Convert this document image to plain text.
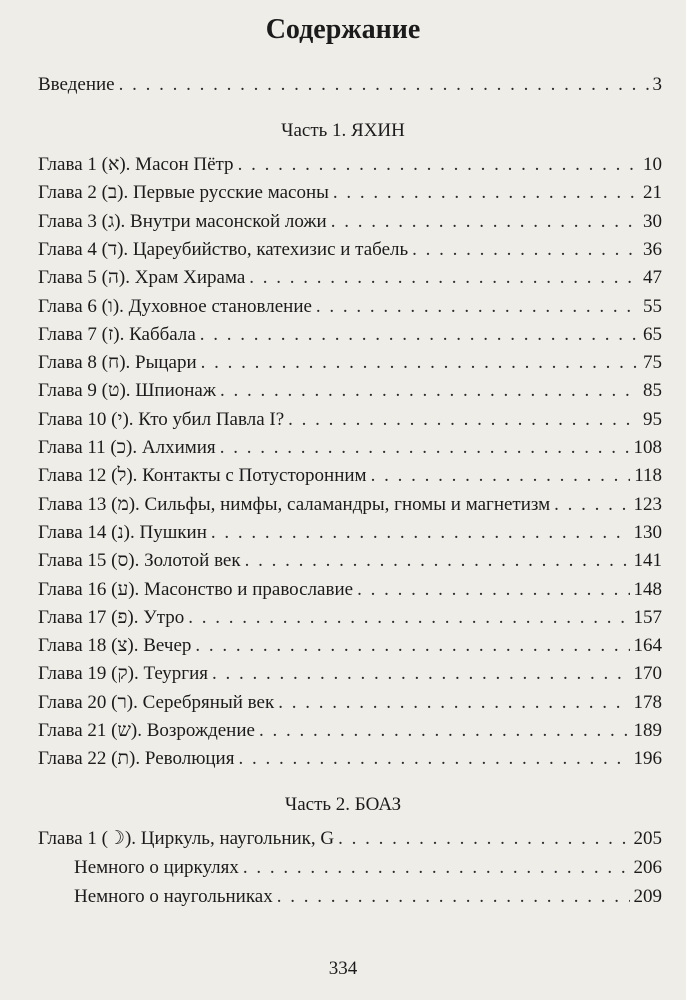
Содержание
Введение . . .	3
Часть 1. ЯХИН
Глава 1 (א). Масон Пётр . . .	10
Глава 2 (ב). Первые русские масоны . . .	21
Глава 3 (ג). Внутри масонской ложи . . .	30
Глава 4 (ד). Цареубийство, катехизис и табель . . .	36
Глава 5 (ה). Храм Хирама . . .	47
Глава 6 (ו). Духовное становление . . .	55
Глава 7 (ז). Каббала . . .	65
Глава 8 (ח). Рыцари . . .	75
Глава 9 (ט). Шпионаж . . .	85
Глава 10 (י). Кто убил Павла I? . . .	95
Глава 11 (כ). Алхимия . . .	108
Глава 12 (ל). Контакты с Потусторонним . . .	118
Глава 13 (מ). Сильфы, нимфы, саламандры, гномы и магнетизм . . .	123
Глава 14 (נ). Пушкин . . .	130
Глава 15 (ס). Золотой век . . .	141
Глава 16 (ע). Масонство и православие . . .	148
Глава 17 (פ). Утро . . .	157
Глава 18 (צ). Вечер . . .	164
Глава 19 (ק). Теургия . . .	170
Глава 20 (ר). Серебряный век . . .	178
Глава 21 (ש). Возрождение . . .	189
Глава 22 (ת). Революция . . .	196
Часть 2. БОАЗ
Глава 1 (☽). Циркуль, наугольник, G . . .	205
Немного о циркулях . . .	206
Немного о наугольниках . . .	209
334
